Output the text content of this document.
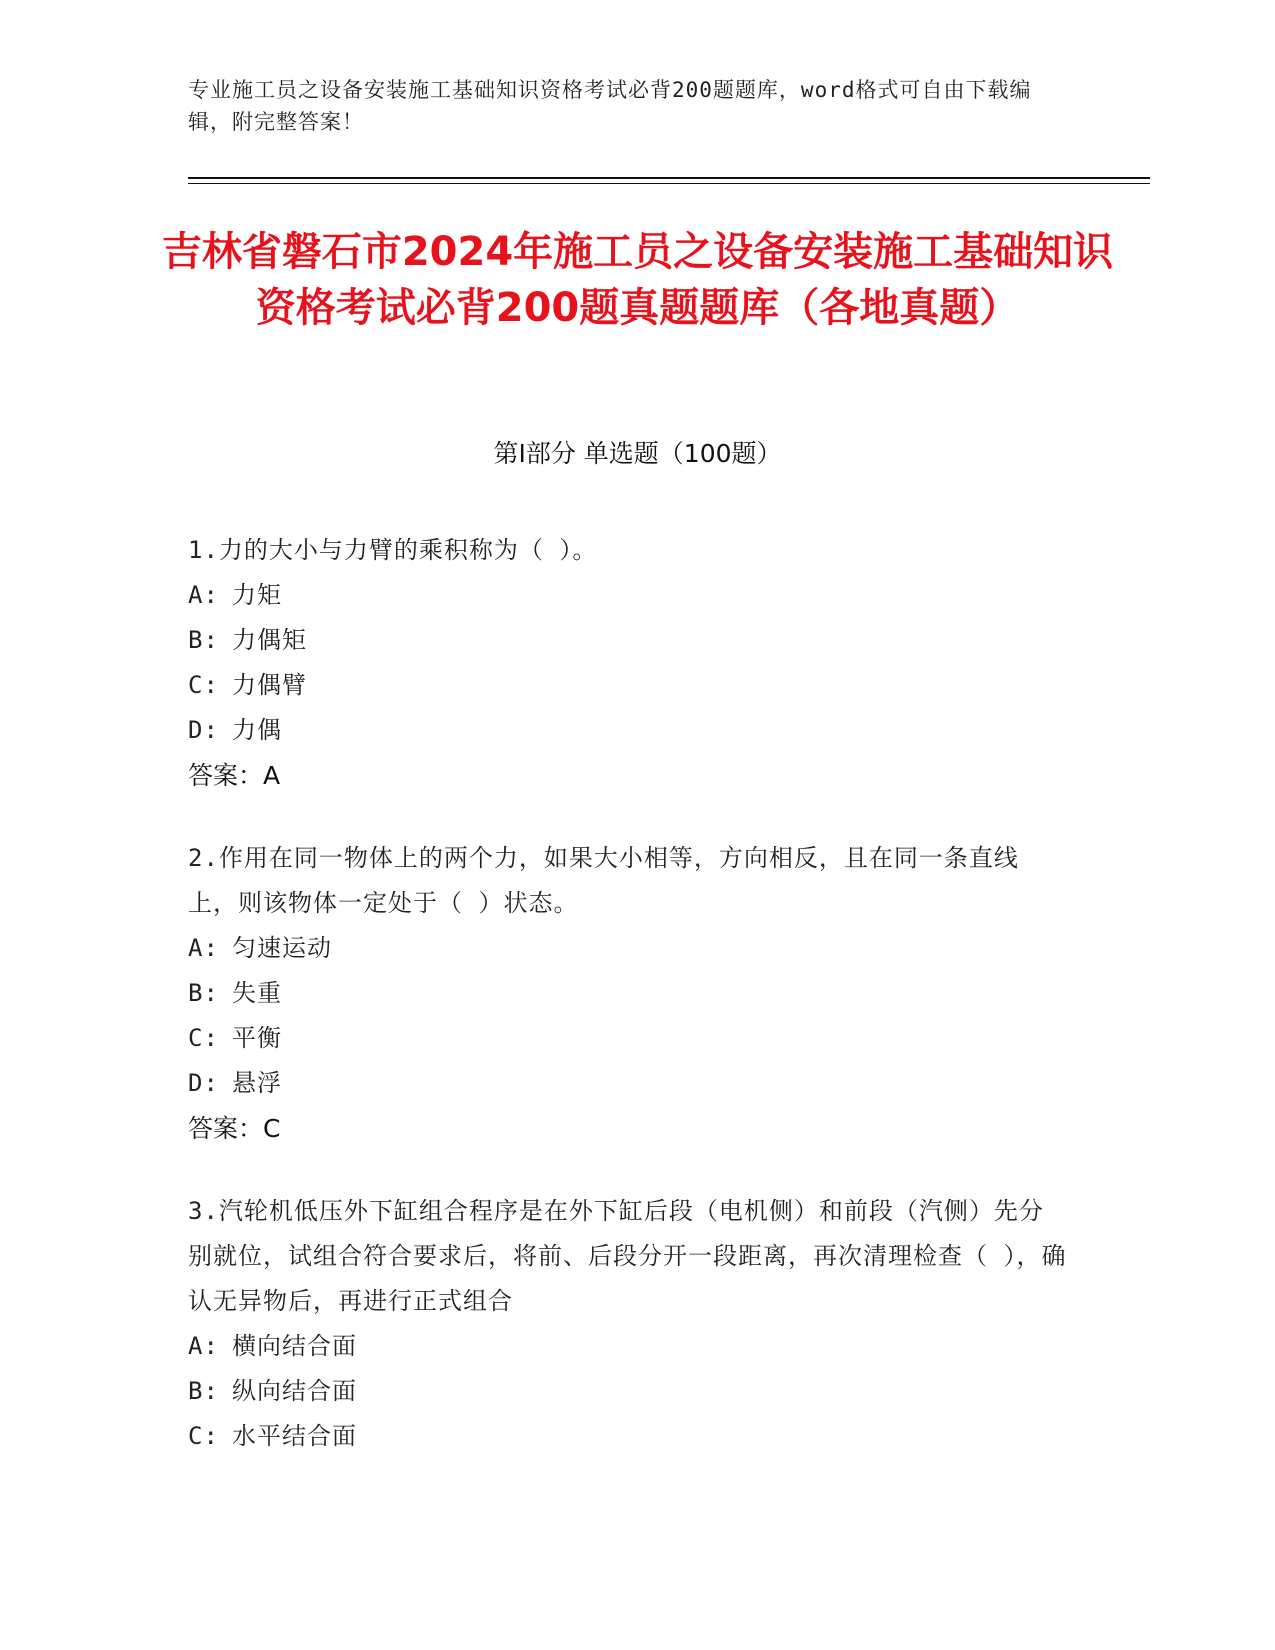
专业施工员之设备安装施工基础知识资格考试必背200题题库，word格式可自由下载编辑，附完整答案！
吉林省磐石市2024年施工员之设备安装施工基础知识资格考试必背200题真题题库（各地真题）
第I部分 单选题（100题）

1.力的大小与力臂的乘积称为（ ）。

A: 力矩

B: 力偶矩

C: 力偶臂

D: 力偶

答案：A

2.作用在同一物体上的两个力，如果大小相等，方向相反，且在同一条直线上，则该物体一定处于（ ）状态。

A: 匀速运动

B: 失重

C: 平衡

D: 悬浮

答案：C

3.汽轮机低压外下缸组合程序是在外下缸后段（电机侧）和前段（汽侧）先分别就位，试组合符合要求后，将前、后段分开一段距离，再次清理检查（ ），确认无异物后，再进行正式组合

A: 横向结合面

B: 纵向结合面

C: 水平结合面
